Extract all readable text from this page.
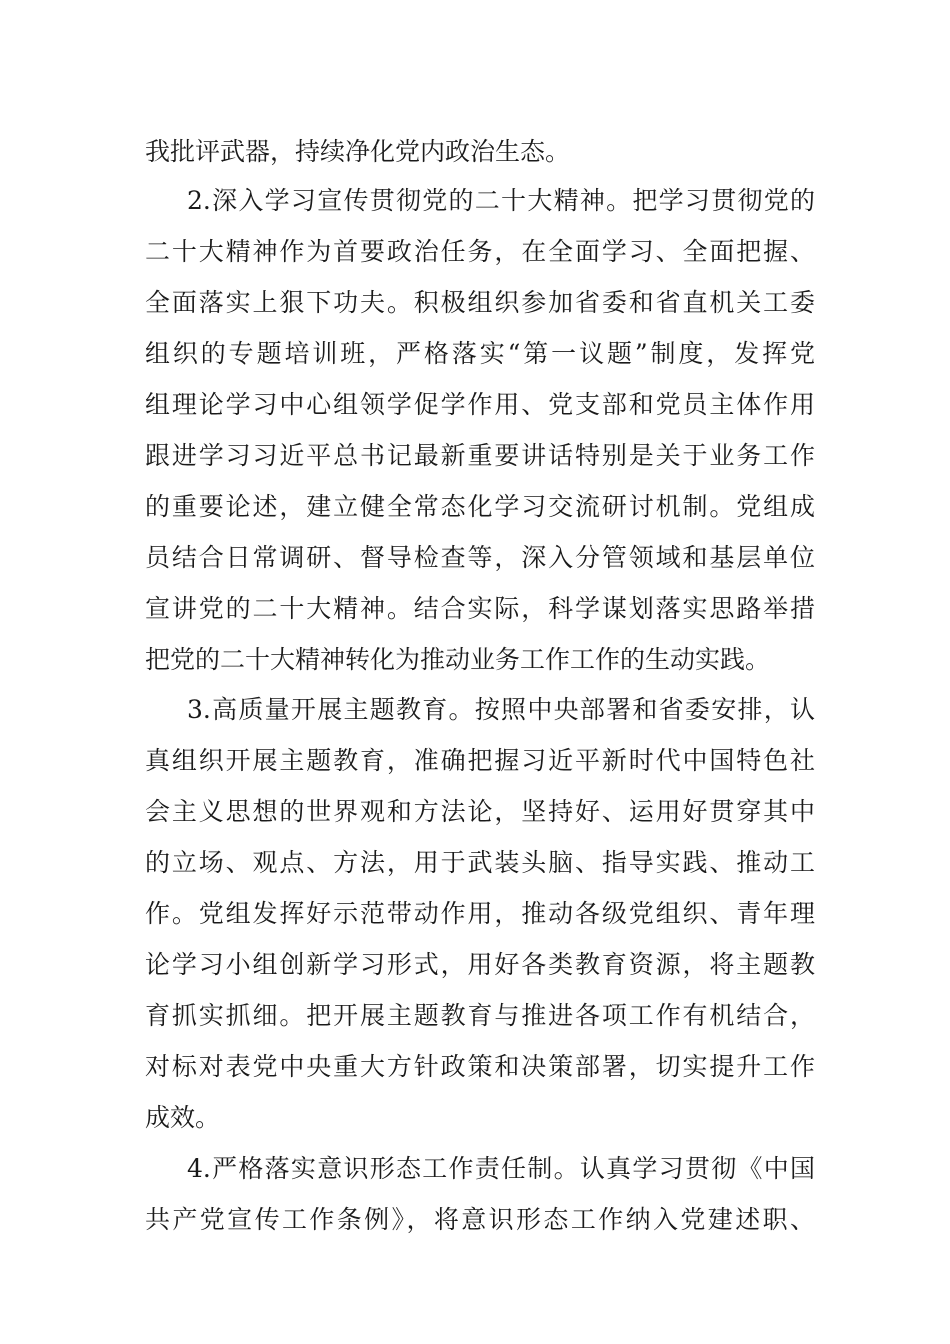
我批评武器，持续净化党内政治生态。
2.深入学习宣传贯彻党的二十大精神。把学习贯彻党的
二十大精神作为首要政治任务，在全面学习、全面把握、
全面落实上狠下功夫。积极组织参加省委和省直机关工委
组织的专题培训班，严格落实“第一议题”制度，发挥党
组理论学习中心组领学促学作用、党支部和党员主体作用
跟进学习习近平总书记最新重要讲话特别是关于业务工作
的重要论述，建立健全常态化学习交流研讨机制。党组成
员结合日常调研、督导检查等，深入分管领域和基层单位
宣讲党的二十大精神。结合实际，科学谋划落实思路举措
把党的二十大精神转化为推动业务工作工作的生动实践。
3.高质量开展主题教育。按照中央部署和省委安排，认
真组织开展主题教育，准确把握习近平新时代中国特色社
会主义思想的世界观和方法论，坚持好、运用好贯穿其中
的立场、观点、方法，用于武装头脑、指导实践、推动工
作。党组发挥好示范带动作用，推动各级党组织、青年理
论学习小组创新学习形式，用好各类教育资源，将主题教
育抓实抓细。把开展主题教育与推进各项工作有机结合，
对标对表党中央重大方针政策和决策部署，切实提升工作
成效。
4.严格落实意识形态工作责任制。认真学习贯彻《中国
共产党宣传工作条例》，将意识形态工作纳入党建述职、
